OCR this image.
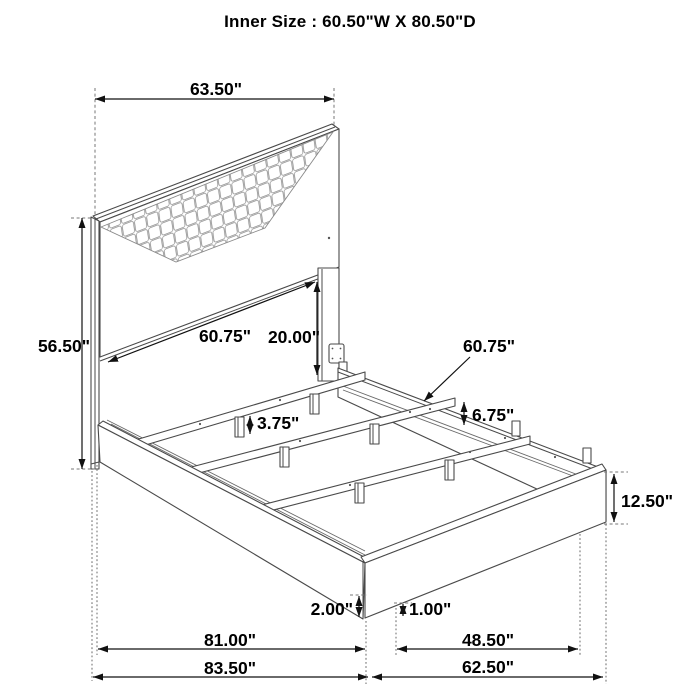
Inner Size : 60.50"W X 80.50"D
63.50"
56.50"	60.75" 20.00"
3.75"
60.75"
6.75"
12.50"
2.00"	1.00"
81.00"	48.50"
83.50"	62.50"
